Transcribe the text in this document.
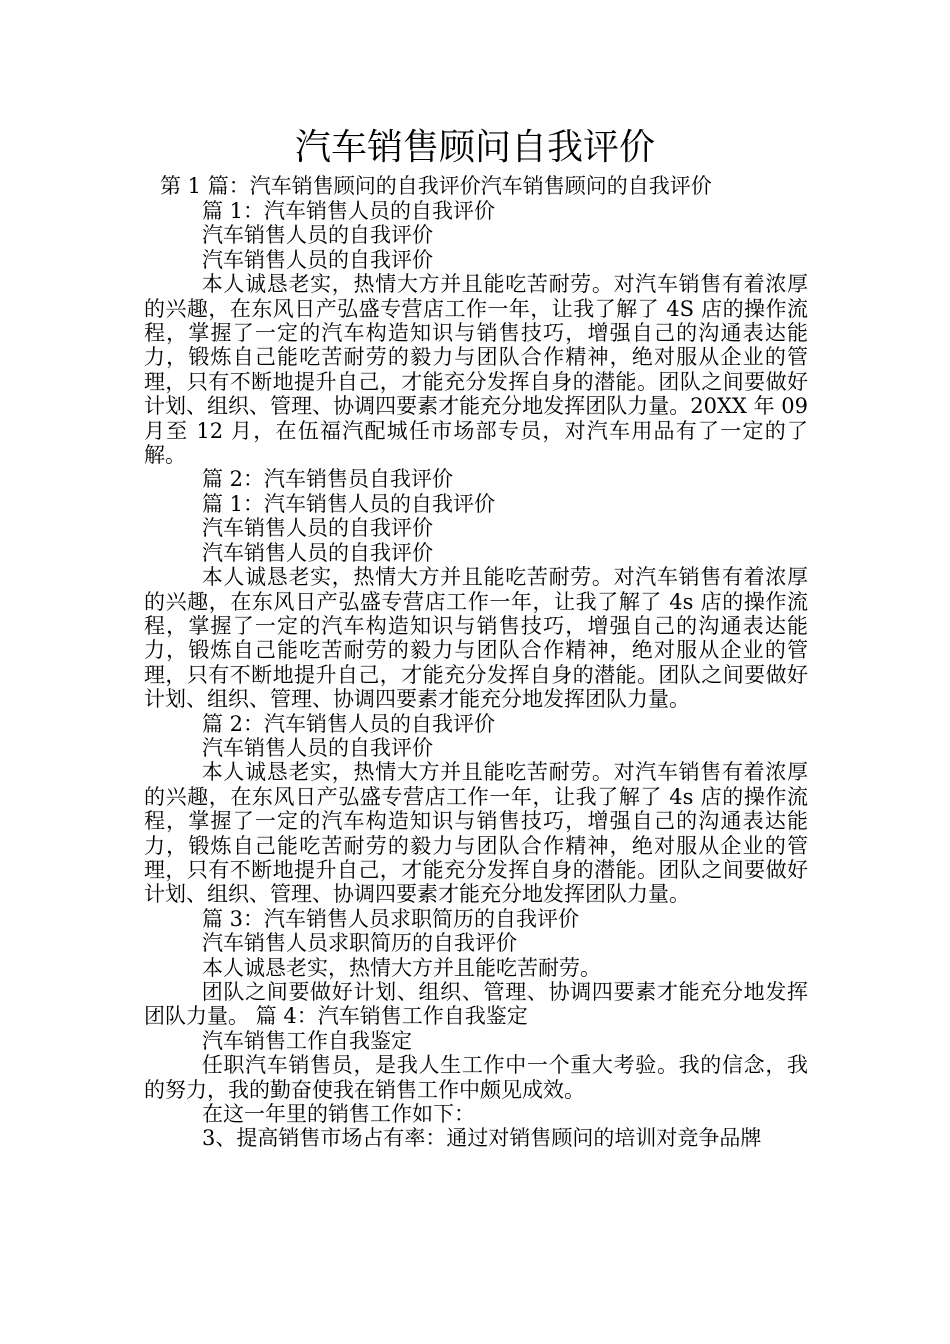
汽车销售顾问自我评价
第 1 篇：汽车销售顾问的自我评价汽车销售顾问的自我评价
篇 1：汽车销售人员的自我评价
汽车销售人员的自我评价
汽车销售人员的自我评价

本人诚恳老实，热情大方并且能吃苦耐劳。对汽车销售有着浓厚的兴趣，在东风日产弘盛专营店工作一年，让我了解了 4S 店的操作流程，掌握了一定的汽车构造知识与销售技巧，增强自己的沟通表达能力，锻炼自己能吃苦耐劳的毅力与团队合作精神，绝对服从企业的管理，只有不断地提升自己，才能充分发挥自身的潜能。团队之间要做好计划、组织、管理、协调四要素才能充分地发挥团队力量。20XX 年 09 月至 12 月，在伍福汽配城任市场部专员，对汽车用品有了一定的了解。

篇 2：汽车销售员自我评价
篇 1：汽车销售人员的自我评价
汽车销售人员的自我评价
汽车销售人员的自我评价

本人诚恳老实，热情大方并且能吃苦耐劳。对汽车销售有着浓厚的兴趣，在东风日产弘盛专营店工作一年，让我了解了 4s 店的操作流程，掌握了一定的汽车构造知识与销售技巧，增强自己的沟通表达能力，锻炼自己能吃苦耐劳的毅力与团队合作精神，绝对服从企业的管理，只有不断地提升自己，才能充分发挥自身的潜能。团队之间要做好计划、组织、管理、协调四要素才能充分地发挥团队力量。

篇 2：汽车销售人员的自我评价
汽车销售人员的自我评价

本人诚恳老实，热情大方并且能吃苦耐劳。对汽车销售有着浓厚的兴趣，在东风日产弘盛专营店工作一年，让我了解了 4s 店的操作流程，掌握了一定的汽车构造知识与销售技巧，增强自己的沟通表达能力，锻炼自己能吃苦耐劳的毅力与团队合作精神，绝对服从企业的管理，只有不断地提升自己，才能充分发挥自身的潜能。团队之间要做好计划、组织、管理、协调四要素才能充分地发挥团队力量。

篇 3：汽车销售人员求职简历的自我评价
汽车销售人员求职简历的自我评价
本人诚恳老实，热情大方并且能吃苦耐劳。

团队之间要做好计划、组织、管理、协调四要素才能充分地发挥团队力量。 篇 4：汽车销售工作自我鉴定

汽车销售工作自我鉴定

任职汽车销售员，是我人生工作中一个重大考验。我的信念，我的努力，我的勤奋使我在销售工作中颇见成效。

在这一年里的销售工作如下：
3、提高销售市场占有率：通过对销售顾问的培训对竞争品牌
